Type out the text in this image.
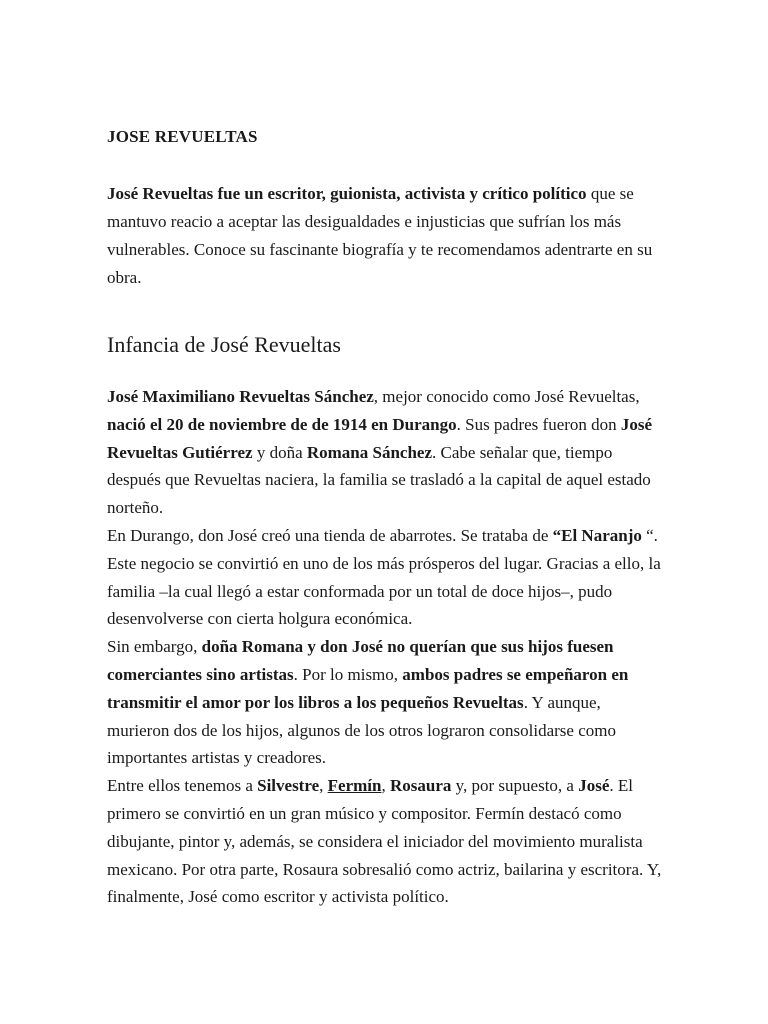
JOSE REVUELTAS

José Revueltas fue un escritor, guionista, activista y crítico político que se mantuvo reacio a aceptar las desigualdades e injusticias que sufrían los más vulnerables. Conoce su fascinante biografía y te recomendamos adentrarte en su obra.

Infancia de José Revueltas

José Maximiliano Revueltas Sánchez, mejor conocido como José Revueltas, nació el 20 de noviembre de de 1914 en Durango. Sus padres fueron don José Revueltas Gutiérrez y doña Romana Sánchez. Cabe señalar que, tiempo después que Revueltas naciera, la familia se trasladó a la capital de aquel estado norteño.

En Durango, don José creó una tienda de abarrotes. Se trataba de “El Naranjo “. Este negocio se convirtió en uno de los más prósperos del lugar. Gracias a ello, la familia –la cual llegó a estar conformada por un total de doce hijos–, pudo desenvolverse con cierta holgura económica.

Sin embargo, doña Romana y don José no querían que sus hijos fuesen comerciantes sino artistas. Por lo mismo, ambos padres se empeñaron en transmitir el amor por los libros a los pequeños Revueltas. Y aunque, murieron dos de los hijos, algunos de los otros lograron consolidarse como importantes artistas y creadores.

Entre ellos tenemos a Silvestre, Fermín, Rosaura y, por supuesto, a José. El primero se convirtió en un gran músico y compositor. Fermín destacó como dibujante, pintor y, además, se considera el iniciador del movimiento muralista mexicano. Por otra parte, Rosaura sobresalió como actriz, bailarina y escritora. Y, finalmente, José como escritor y activista político.
